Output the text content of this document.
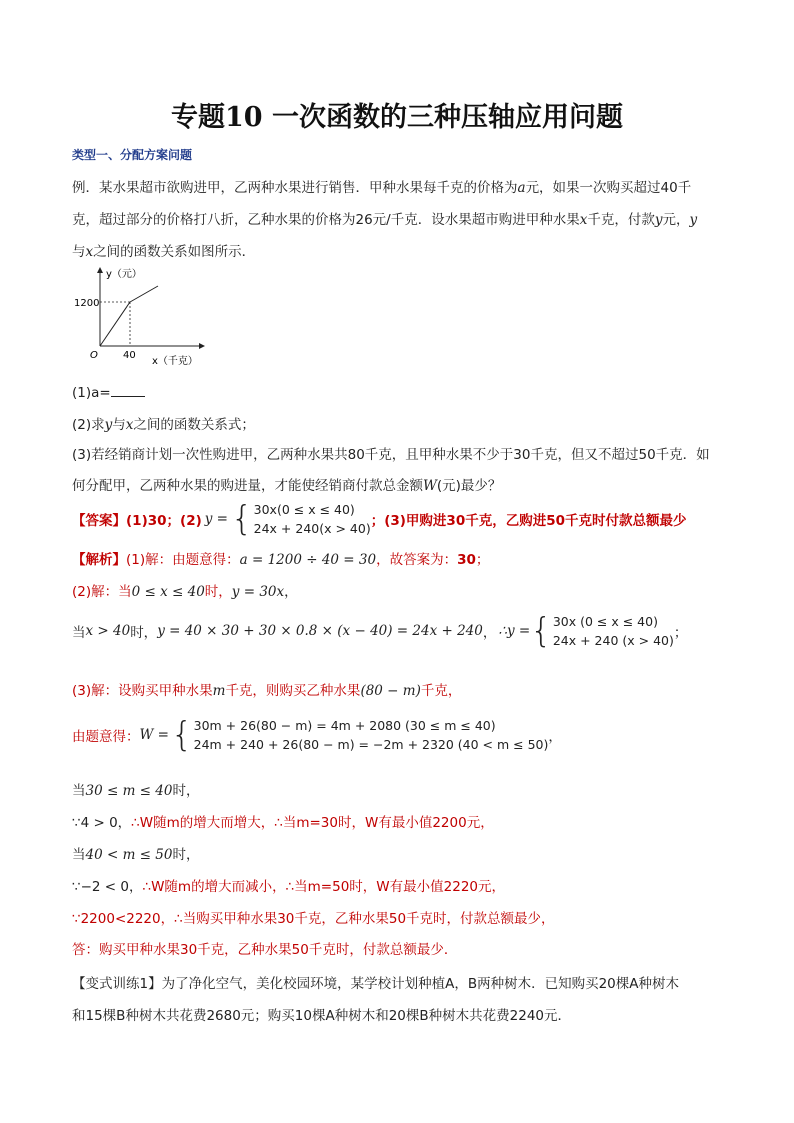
专题10 一次函数的三种压轴应用问题
类型一、分配方案问题
例．某水果超市欲购进甲，乙两种水果进行销售．甲种水果每千克的价格为a元，如果一次购买超过40千
克，超过部分的价格打八折，乙种水果的价格为26元/千克．设水果超市购进甲种水果x千克，付款y元，y
与x之间的函数关系如图所示．
y（元）
1200
40
O
x（千克）
(1)a=
(2)求y与x之间的函数关系式；
(3)若经销商计划一次性购进甲，乙两种水果共80千克，且甲种水果不少于30千克，但又不超过50千克．如
何分配甲，乙两种水果的购进量，才能使经销商付款总金额W(元)最少？
【答案】 (1)30；(2) y = { 30x(0 ≤ x ≤ 40)
24x + 240(x > 40) ；(3)甲购进30千克，乙购进50千克时付款总额最少
【解析】(1)解：由题意得：a = 1200 ÷ 40 = 30，故答案为：30；
(2)解：当0 ≤ x ≤ 40时，y = 30x，
当 x > 40 时， y = 40 × 30 + 30 × 0.8 × (x − 40) = 24x + 240 ， ∴y = { 30x (0 ≤ x ≤ 40)
24x + 240 (x > 40) ；
(3)解：设购买甲种水果m千克，则购买乙种水果(80 − m)千克，
由题意得： W = { 30m + 26(80 − m) = 4m + 2080 (30 ≤ m ≤ 40)
24m + 240 + 26(80 − m) = −2m + 2320 (40 < m ≤ 50) ，
当30 ≤ m ≤ 40时，
∵4 > 0，∴W随m的增大而增大，∴当m=30时，W有最小值2200元，
当40 < m ≤ 50时，
∵−2 < 0，∴W随m的增大而减小，∴当m=50时，W有最小值2220元，
∵2200<2220，∴当购买甲种水果30千克，乙种水果50千克时，付款总额最少，
答：购买甲种水果30千克，乙种水果50千克时，付款总额最少．
【变式训练1】为了净化空气，美化校园环境，某学校计划种植A，B两种树木．已知购买20棵A种树木
和15棵B种树木共花费2680元；购买10棵A种树木和20棵B种树木共花费2240元．
